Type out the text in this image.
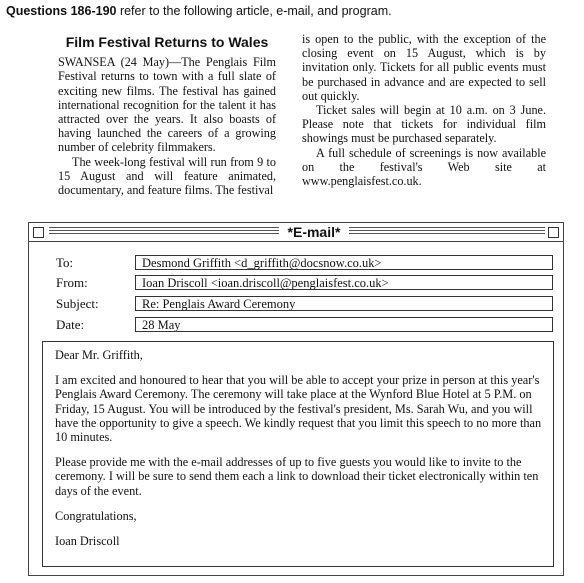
Questions 186-190 refer to the following article, e-mail, and program.
Film Festival Returns to Wales

SWANSEA (24 May)—The Penglais Film Festival returns to town with a full slate of exciting new films. The festival has gained international recognition for the talent it has attracted over the years. It also boasts of having launched the careers of a growing number of celebrity filmmakers.

The week-long festival will run from 9 to 15 August and will feature animated, documentary, and feature films. The festival

is open to the public, with the exception of the closing event on 15 August, which is by invitation only. Tickets for all public events must be purchased in advance and are expected to sell out quickly.

Ticket sales will begin at 10 a.m. on 3 June. Please note that tickets for individual film showings must be purchased separately.

A full schedule of screenings is now available on the festival's Web site at www.penglaisfest.co.uk.

*E-mail*
To:	Desmond Griffith <d_griffith@docsnow.co.uk>
From:	Ioan Driscoll <ioan.driscoll@penglaisfest.co.uk>
Subject:	Re: Penglais Award Ceremony
Date:	28 May

Dear Mr. Griffith,

I am excited and honoured to hear that you will be able to accept your prize in person at this year's Penglais Award Ceremony. The ceremony will take place at the Wynford Blue Hotel at 5 P.M. on Friday, 15 August. You will be introduced by the festival's president, Ms. Sarah Wu, and you will have the opportunity to give a speech. We kindly request that you limit this speech to no more than 10 minutes.

Please provide me with the e-mail addresses of up to five guests you would like to invite to the ceremony. I will be sure to send them each a link to download their ticket electronically within ten days of the event.

Congratulations,

Ioan Driscoll
